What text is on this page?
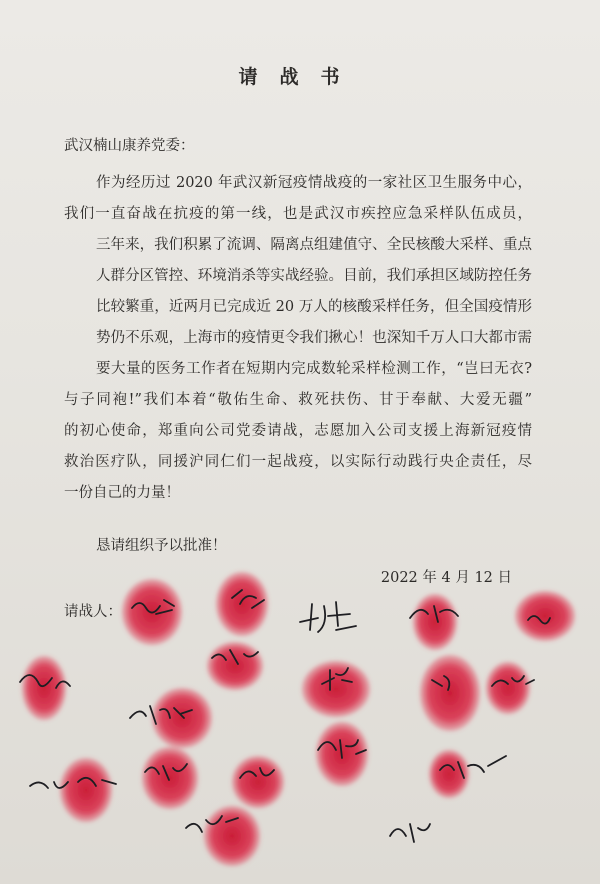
请战书
武汉楠山康养党委：
作为经历过 2020 年武汉新冠疫情战疫的一家社区卫生服务中心，
我们一直奋战在抗疫的第一线，也是武汉市疾控应急采样队伍成员，
三年来，我们积累了流调、隔离点组建值守、全民核酸大采样、重点
人群分区管控、环境消杀等实战经验。目前，我们承担区域防控任务
比较繁重，近两月已完成近 20 万人的核酸采样任务，但全国疫情形
势仍不乐观，上海市的疫情更令我们揪心！也深知千万人口大都市需
要大量的医务工作者在短期内完成数轮采样检测工作，“岂曰无衣?
与子同袍!”我们本着“敬佑生命、救死扶伤、甘于奉献、大爱无疆”
的初心使命，郑重向公司党委请战，志愿加入公司支援上海新冠疫情
救治医疗队，同援沪同仁们一起战疫，以实际行动践行央企责任，尽
一份自己的力量！
恳请组织予以批准！
2022 年 4 月 12 日
请战人：
